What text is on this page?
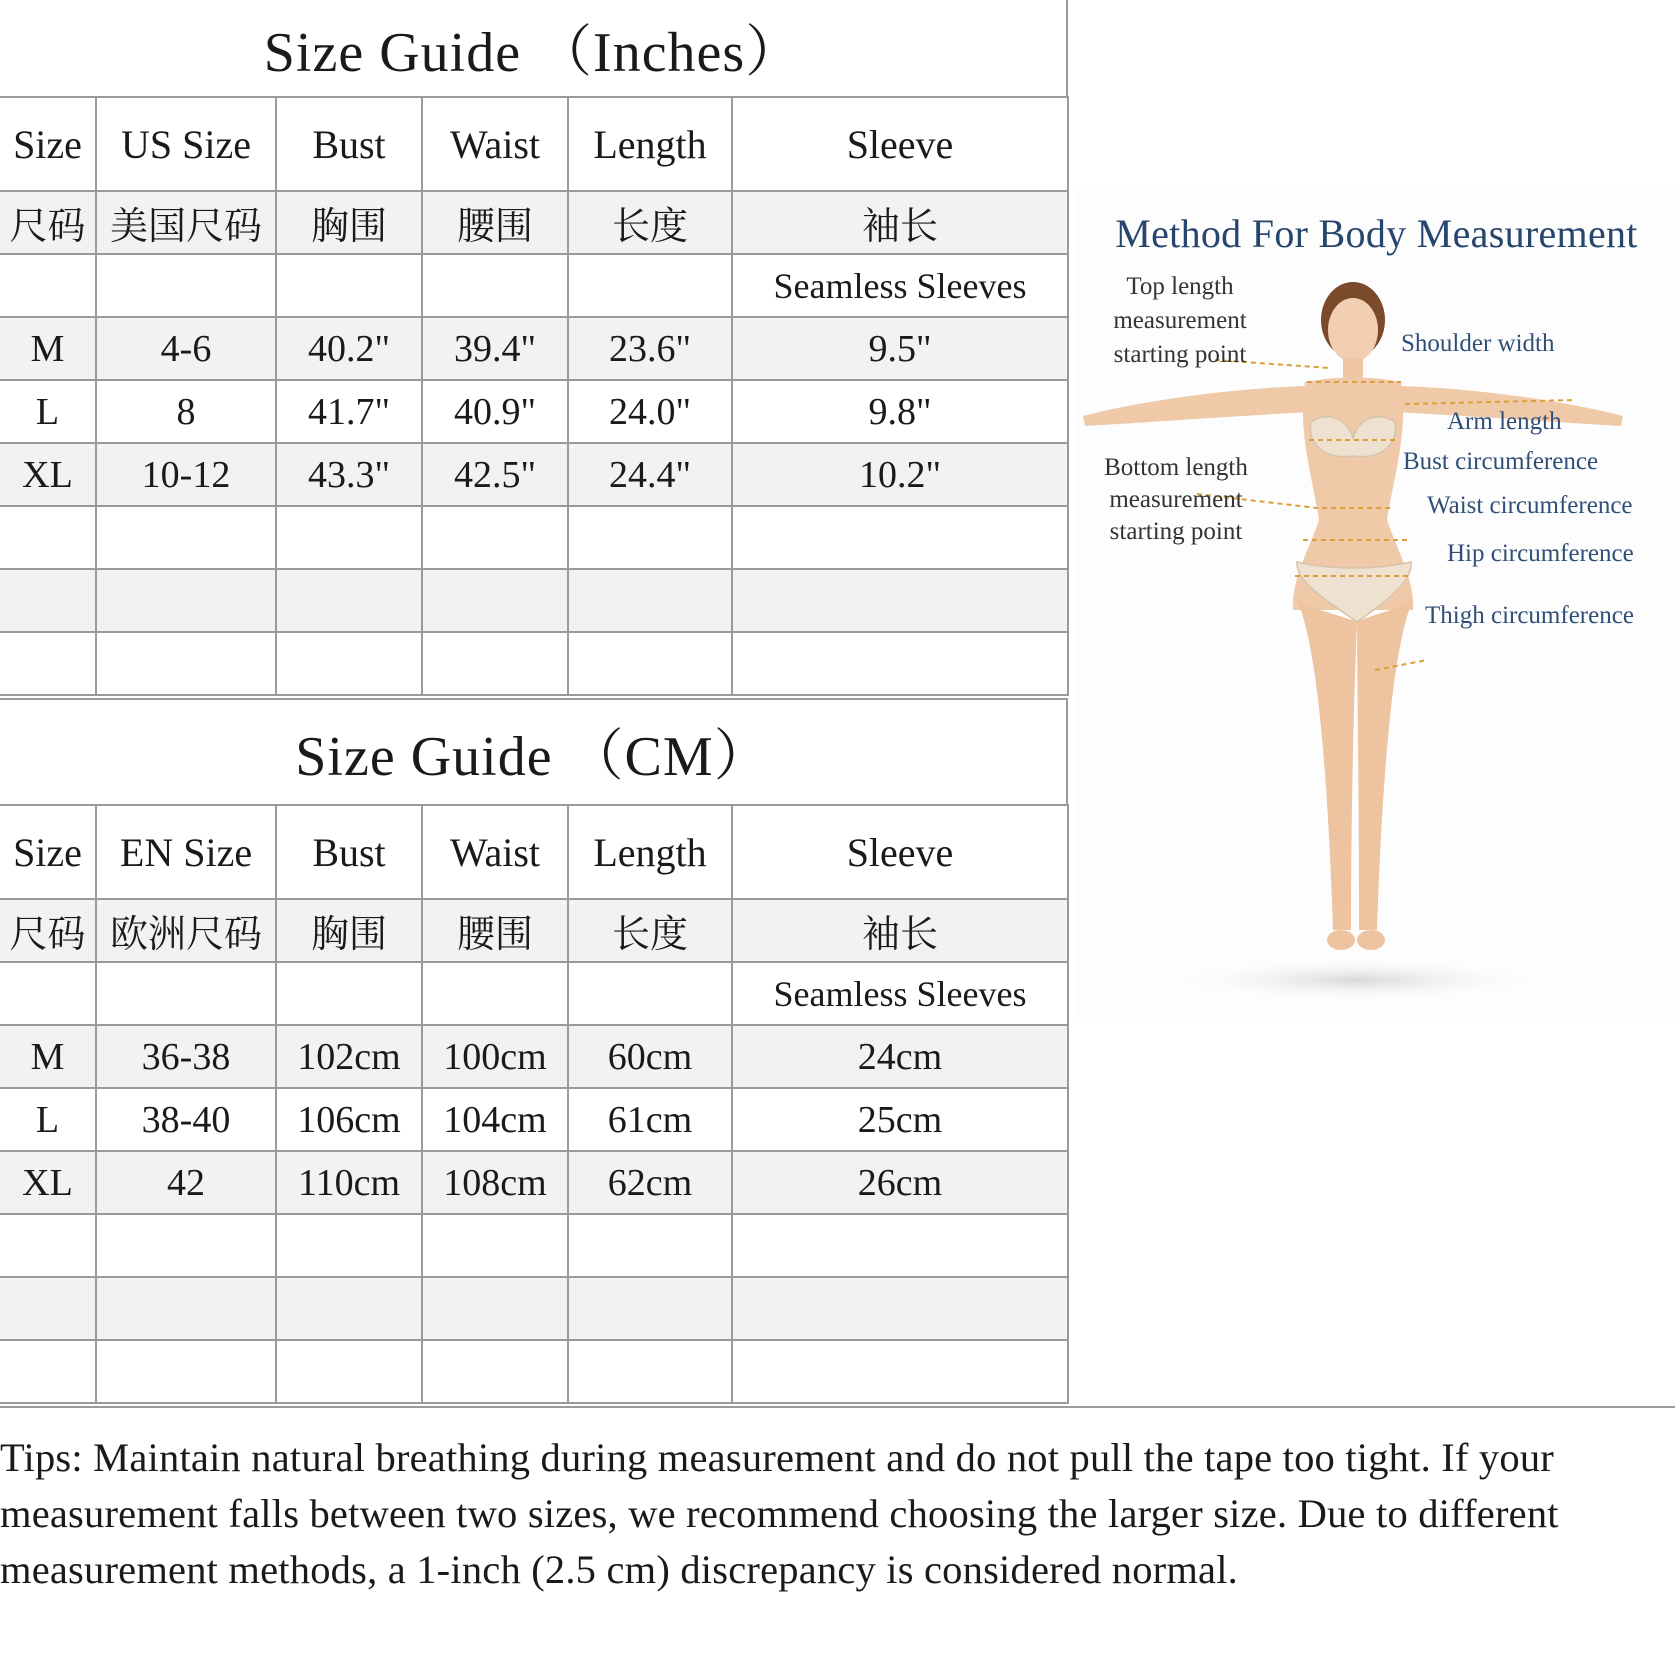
Size Guide （Inches）
Size	US Size	Bust	Waist	Length	Sleeve
尺码	美国尺码	胸围	腰围	长度	袖长
					Seamless Sleeves
M	4-6	40.2"	39.4"	23.6"	9.5"
L	8	41.7"	40.9"	24.0"	9.8"
XL	10-12	43.3"	42.5"	24.4"	10.2"

Size Guide （CM）
Size	EN Size	Bust	Waist	Length	Sleeve
尺码	欧洲尺码	胸围	腰围	长度	袖长
					Seamless Sleeves
M	36-38	102cm	100cm	60cm	24cm
L	38-40	106cm	104cm	61cm	25cm
XL	42	110cm	108cm	62cm	26cm

Method For Body Measurement
Top length
measurement
starting point	Shoulder width
Arm length
Bust circumference
Bottom length
measurement
starting point
Waist circumference
Hip circumference
Thigh circumference
Tips: Maintain natural breathing during measurement and do not pull the tape too tight. If your measurement falls between two sizes, we recommend choosing the larger size. Due to different measurement methods, a 1-inch (2.5 cm) discrepancy is considered normal.
